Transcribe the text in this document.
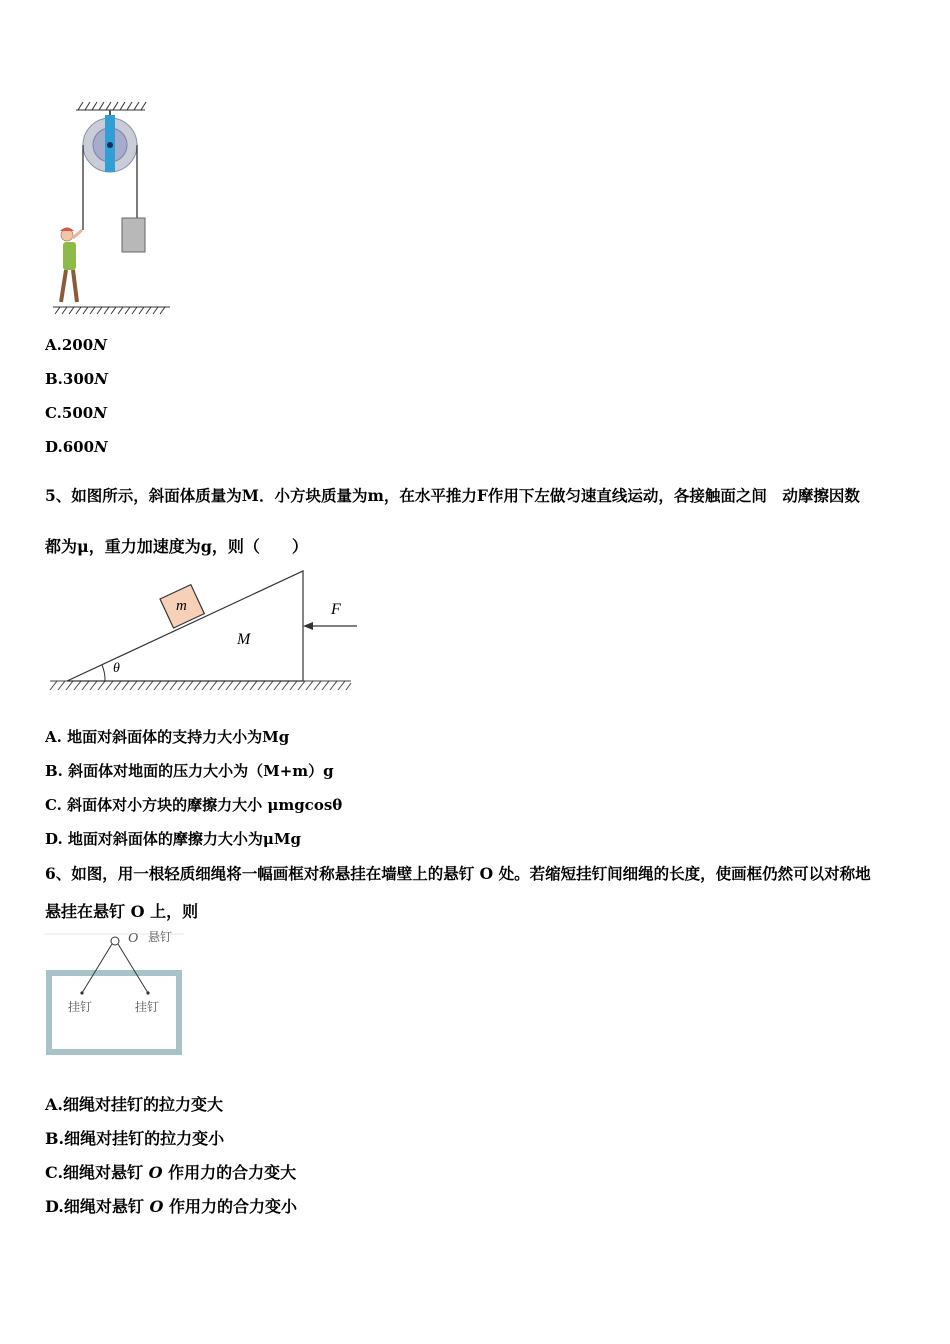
A.200N
B.300N
C.500N
D.600N
5、如图所示，斜面体质量为M．小方块质量为m，在水平推力F作用下左做匀速直线运动，各接触面之间　动摩擦因数
都为μ，重力加速度为g，则（　　）
m
M
θ
F
A. 地面对斜面体的支持力大小为Mg
B. 斜面体对地面的压力大小为（M+m）g
C. 斜面体对小方块的摩擦力大小 μmgcosθ
D. 地面对斜面体的摩擦力大小为μMg
6、如图，用一根轻质细绳将一幅画框对称悬挂在墙壁上的悬钉 O 处。若缩短挂钉间细绳的长度，使画框仍然可以对称地
悬挂在悬钉 O 上，则
O 悬钉
挂钉	挂钉
A.细绳对挂钉的拉力变大
B.细绳对挂钉的拉力变小
C.细绳对悬钉 O 作用力的合力变大
D.细绳对悬钉 O 作用力的合力变小
